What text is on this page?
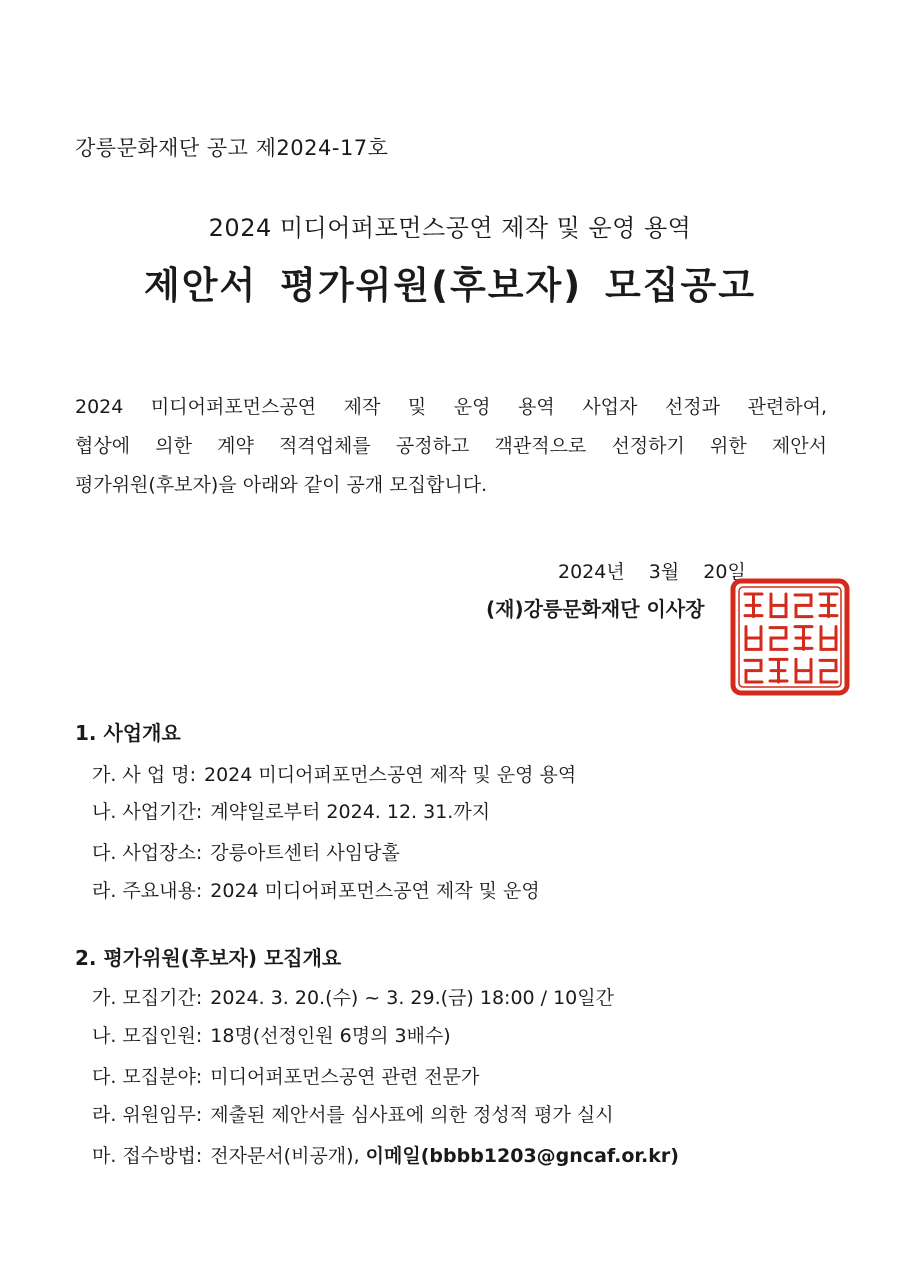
강릉문화재단 공고 제2024-17호
2024 미디어퍼포먼스공연 제작 및 운영 용역
제안서 평가위원(후보자) 모집공고
2024 미디어퍼포먼스공연 제작 및 운영 용역 사업자 선정과 관련하여,
협상에 의한 계약 적격업체를 공정하고 객관적으로 선정하기 위한 제안서
평가위원(후보자)을 아래와 같이 공개 모집합니다.
2024년 3월 20일
(재)강릉문화재단 이사장
1. 사업개요
가. 사 업 명: 2024 미디어퍼포먼스공연 제작 및 운영 용역
나. 사업기간: 계약일로부터 2024. 12. 31.까지
다. 사업장소: 강릉아트센터 사임당홀
라. 주요내용: 2024 미디어퍼포먼스공연 제작 및 운영
2. 평가위원(후보자) 모집개요
가. 모집기간: 2024. 3. 20.(수) ~ 3. 29.(금) 18:00 / 10일간
나. 모집인원: 18명(선정인원 6명의 3배수)
다. 모집분야: 미디어퍼포먼스공연 관련 전문가
라. 위원임무: 제출된 제안서를 심사표에 의한 정성적 평가 실시
마. 접수방법: 전자문서(비공개), 이메일(bbbb1203@gncaf.or.kr)
